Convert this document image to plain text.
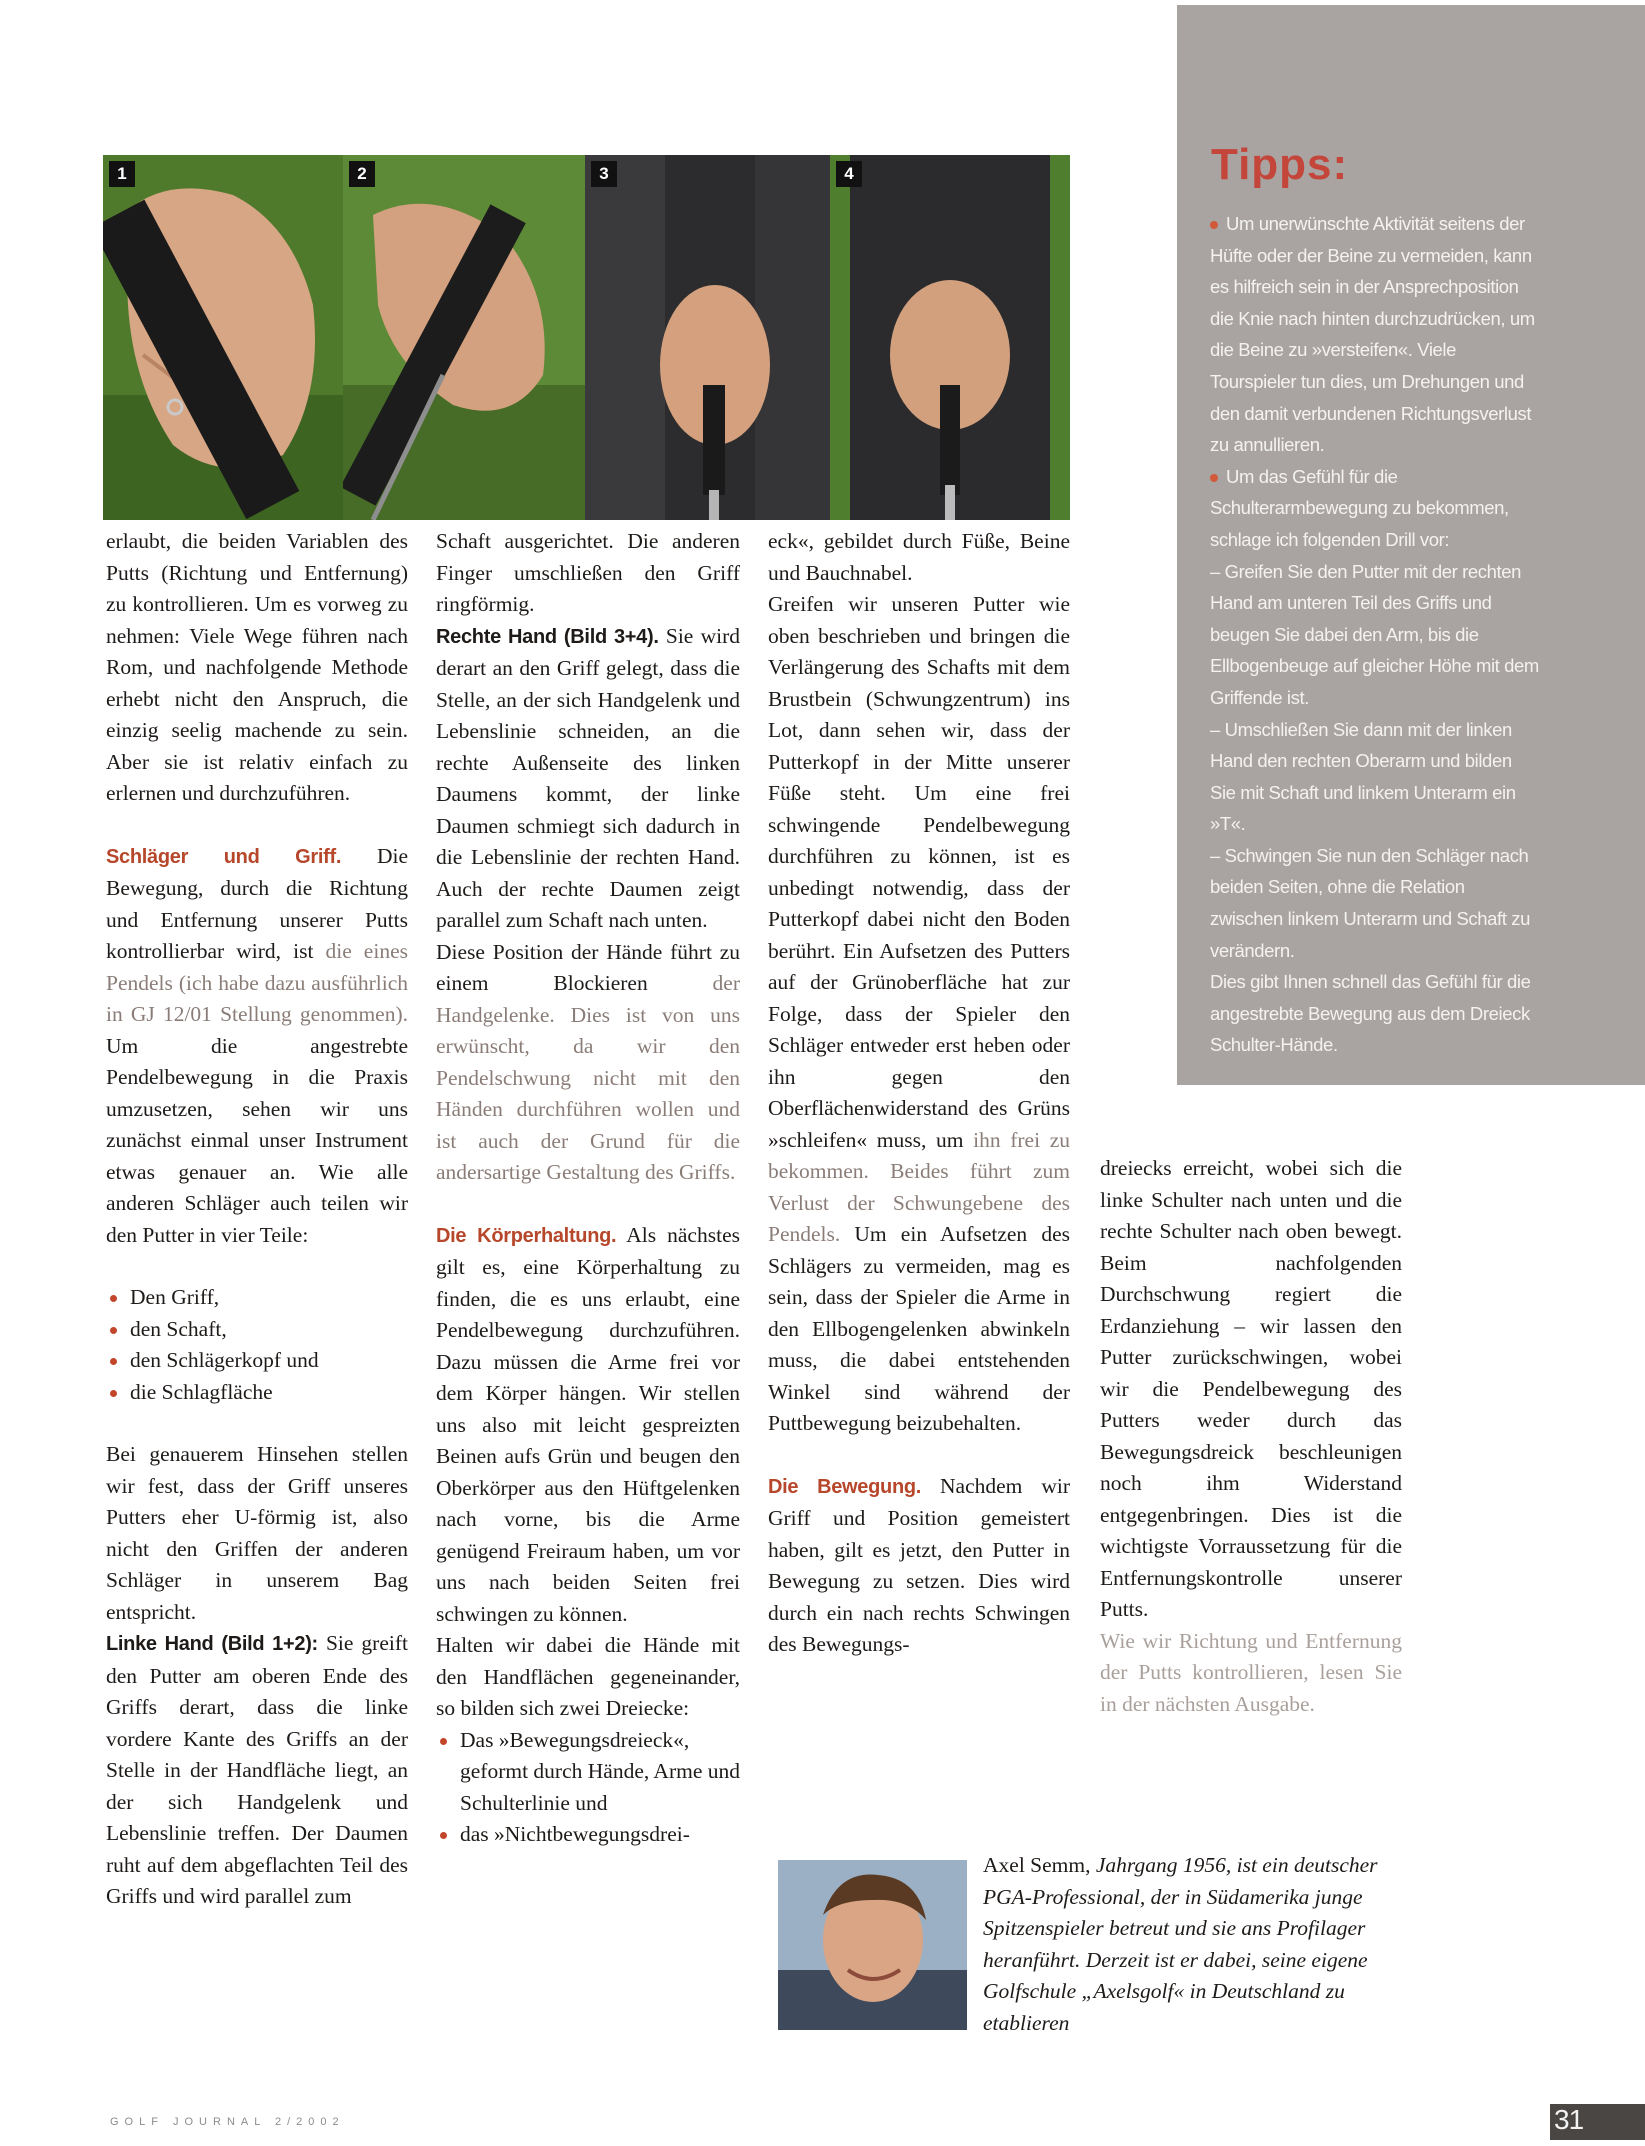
1	2	3	4

erlaubt, die beiden Variablen des Putts (Richtung und Entfernung) zu kontrollieren. Um es vorweg zu nehmen: Viele Wege führen nach Rom, und nachfolgende Methode erhebt nicht den Anspruch, die einzig seelig machende zu sein. Aber sie ist relativ einfach zu erlernen und durchzuführen.

Schläger und Griff. Die Bewegung, durch die Richtung und Entfernung unserer Putts kontrollierbar wird, ist die eines Pendels (ich habe dazu ausführlich in GJ 12/01 Stellung genommen). Um die angestrebte Pendelbewegung in die Praxis umzusetzen, sehen wir uns zunächst einmal unser Instrument etwas genauer an. Wie alle anderen Schläger auch teilen wir den Putter in vier Teile:

Den Griff,
den Schaft,
den Schlägerkopf und
die Schlagfläche

Bei genauerem Hinsehen stellen wir fest, dass der Griff unseres Putters eher U-förmig ist, also nicht den Griffen der anderen Schläger in unserem Bag entspricht.

Linke Hand (Bild 1+2): Sie greift den Putter am oberen Ende des Griffs derart, dass die linke vordere Kante des Griffs an der Stelle in der Handfläche liegt, an der sich Handgelenk und Lebenslinie treffen. Der Daumen ruht auf dem abgeflachten Teil des Griffs und wird parallel zum

Schaft ausgerichtet. Die anderen Finger umschließen den Griff ringförmig.

Rechte Hand (Bild 3+4). Sie wird derart an den Griff gelegt, dass die Stelle, an der sich Handgelenk und Lebenslinie schneiden, an die rechte Außenseite des linken Daumens kommt, der linke Daumen schmiegt sich dadurch in die Lebenslinie der rechten Hand. Auch der rechte Daumen zeigt parallel zum Schaft nach unten.

Diese Position der Hände führt zu einem Blockieren der Handgelenke. Dies ist von uns erwünscht, da wir den Pendelschwung nicht mit den Händen durchführen wollen und ist auch der Grund für die andersartige Gestaltung des Griffs.

Die Körperhaltung. Als nächstes gilt es, eine Körperhaltung zu finden, die es uns erlaubt, eine Pendelbewegung durchzuführen. Dazu müssen die Arme frei vor dem Körper hängen. Wir stellen uns also mit leicht gespreizten Beinen aufs Grün und beugen den Oberkörper aus den Hüftgelenken nach vorne, bis die Arme genügend Freiraum haben, um vor uns nach beiden Seiten frei schwingen zu können.

Halten wir dabei die Hände mit den Handflächen gegeneinander, so bilden sich zwei Dreiecke:

Das »Bewegungsdreieck«, geformt durch Hände, Arme und Schulterlinie und
das »Nichtbewegungsdrei-

eck«, gebildet durch Füße, Beine und Bauchnabel.

Greifen wir unseren Putter wie oben beschrieben und bringen die Verlängerung des Schafts mit dem Brustbein (Schwungzentrum) ins Lot, dann sehen wir, dass der Putterkopf in der Mitte unserer Füße steht. Um eine frei schwingende Pendelbewegung durchführen zu können, ist es unbedingt notwendig, dass der Putterkopf dabei nicht den Boden berührt. Ein Aufsetzen des Putters auf der Grünoberfläche hat zur Folge, dass der Spieler den Schläger entweder erst heben oder ihn gegen den Oberflächenwiderstand des Grüns »schleifen« muss, um ihn frei zu bekommen. Beides führt zum Verlust der Schwungebene des Pendels. Um ein Aufsetzen des Schlägers zu vermeiden, mag es sein, dass der Spieler die Arme in den Ellbogengelenken abwinkeln muss, die dabei entstehenden Winkel sind während der Puttbewegung beizubehalten.

Die Bewegung. Nachdem wir Griff und Position gemeistert haben, gilt es jetzt, den Putter in Bewegung zu setzen. Dies wird durch ein nach rechts Schwingen des Bewegungs-

dreiecks erreicht, wobei sich die linke Schulter nach unten und die rechte Schulter nach oben bewegt. Beim nachfolgenden Durchschwung regiert die Erdanziehung – wir lassen den Putter zurückschwingen, wobei wir die Pendelbewegung des Putters weder durch das Bewegungsdreick beschleunigen noch ihm Widerstand entgegenbringen. Dies ist die wichtigste Vorraussetzung für die Entfernungskontrolle unserer Putts.

Wie wir Richtung und Entfernung der Putts kontrollieren, lesen Sie in der nächsten Ausgabe.

Tipps:

Um unerwünschte Aktivität seitens der Hüfte oder der Beine zu vermeiden, kann es hilfreich sein in der Ansprechposition die Knie nach hinten durchzudrücken, um die Beine zu »versteifen«. Viele Tourspieler tun dies, um Drehungen und den damit verbundenen Richtungsverlust zu annullieren.

Um das Gefühl für die Schulterarmbewegung zu bekommen, schlage ich folgenden Drill vor:

– Greifen Sie den Putter mit der rechten Hand am unteren Teil des Griffs und beugen Sie dabei den Arm, bis die Ellbogenbeuge auf gleicher Höhe mit dem Griffende ist.

– Umschließen Sie dann mit der linken Hand den rechten Oberarm und bilden Sie mit Schaft und linkem Unterarm ein »T«.

– Schwingen Sie nun den Schläger nach beiden Seiten, ohne die Relation zwischen linkem Unterarm und Schaft zu verändern.

Dies gibt Ihnen schnell das Gefühl für die angestrebte Bewegung aus dem Dreieck Schulter-Hände.

Axel Semm, Jahrgang 1956, ist ein deutscher PGA-Professional, der in Südamerika junge Spitzenspieler betreut und sie ans Profilager heranführt. Derzeit ist er dabei, seine eigene Golfschule „Axelsgolf« in Deutschland zu etablieren
GOLF JOURNAL 2/2002	31
